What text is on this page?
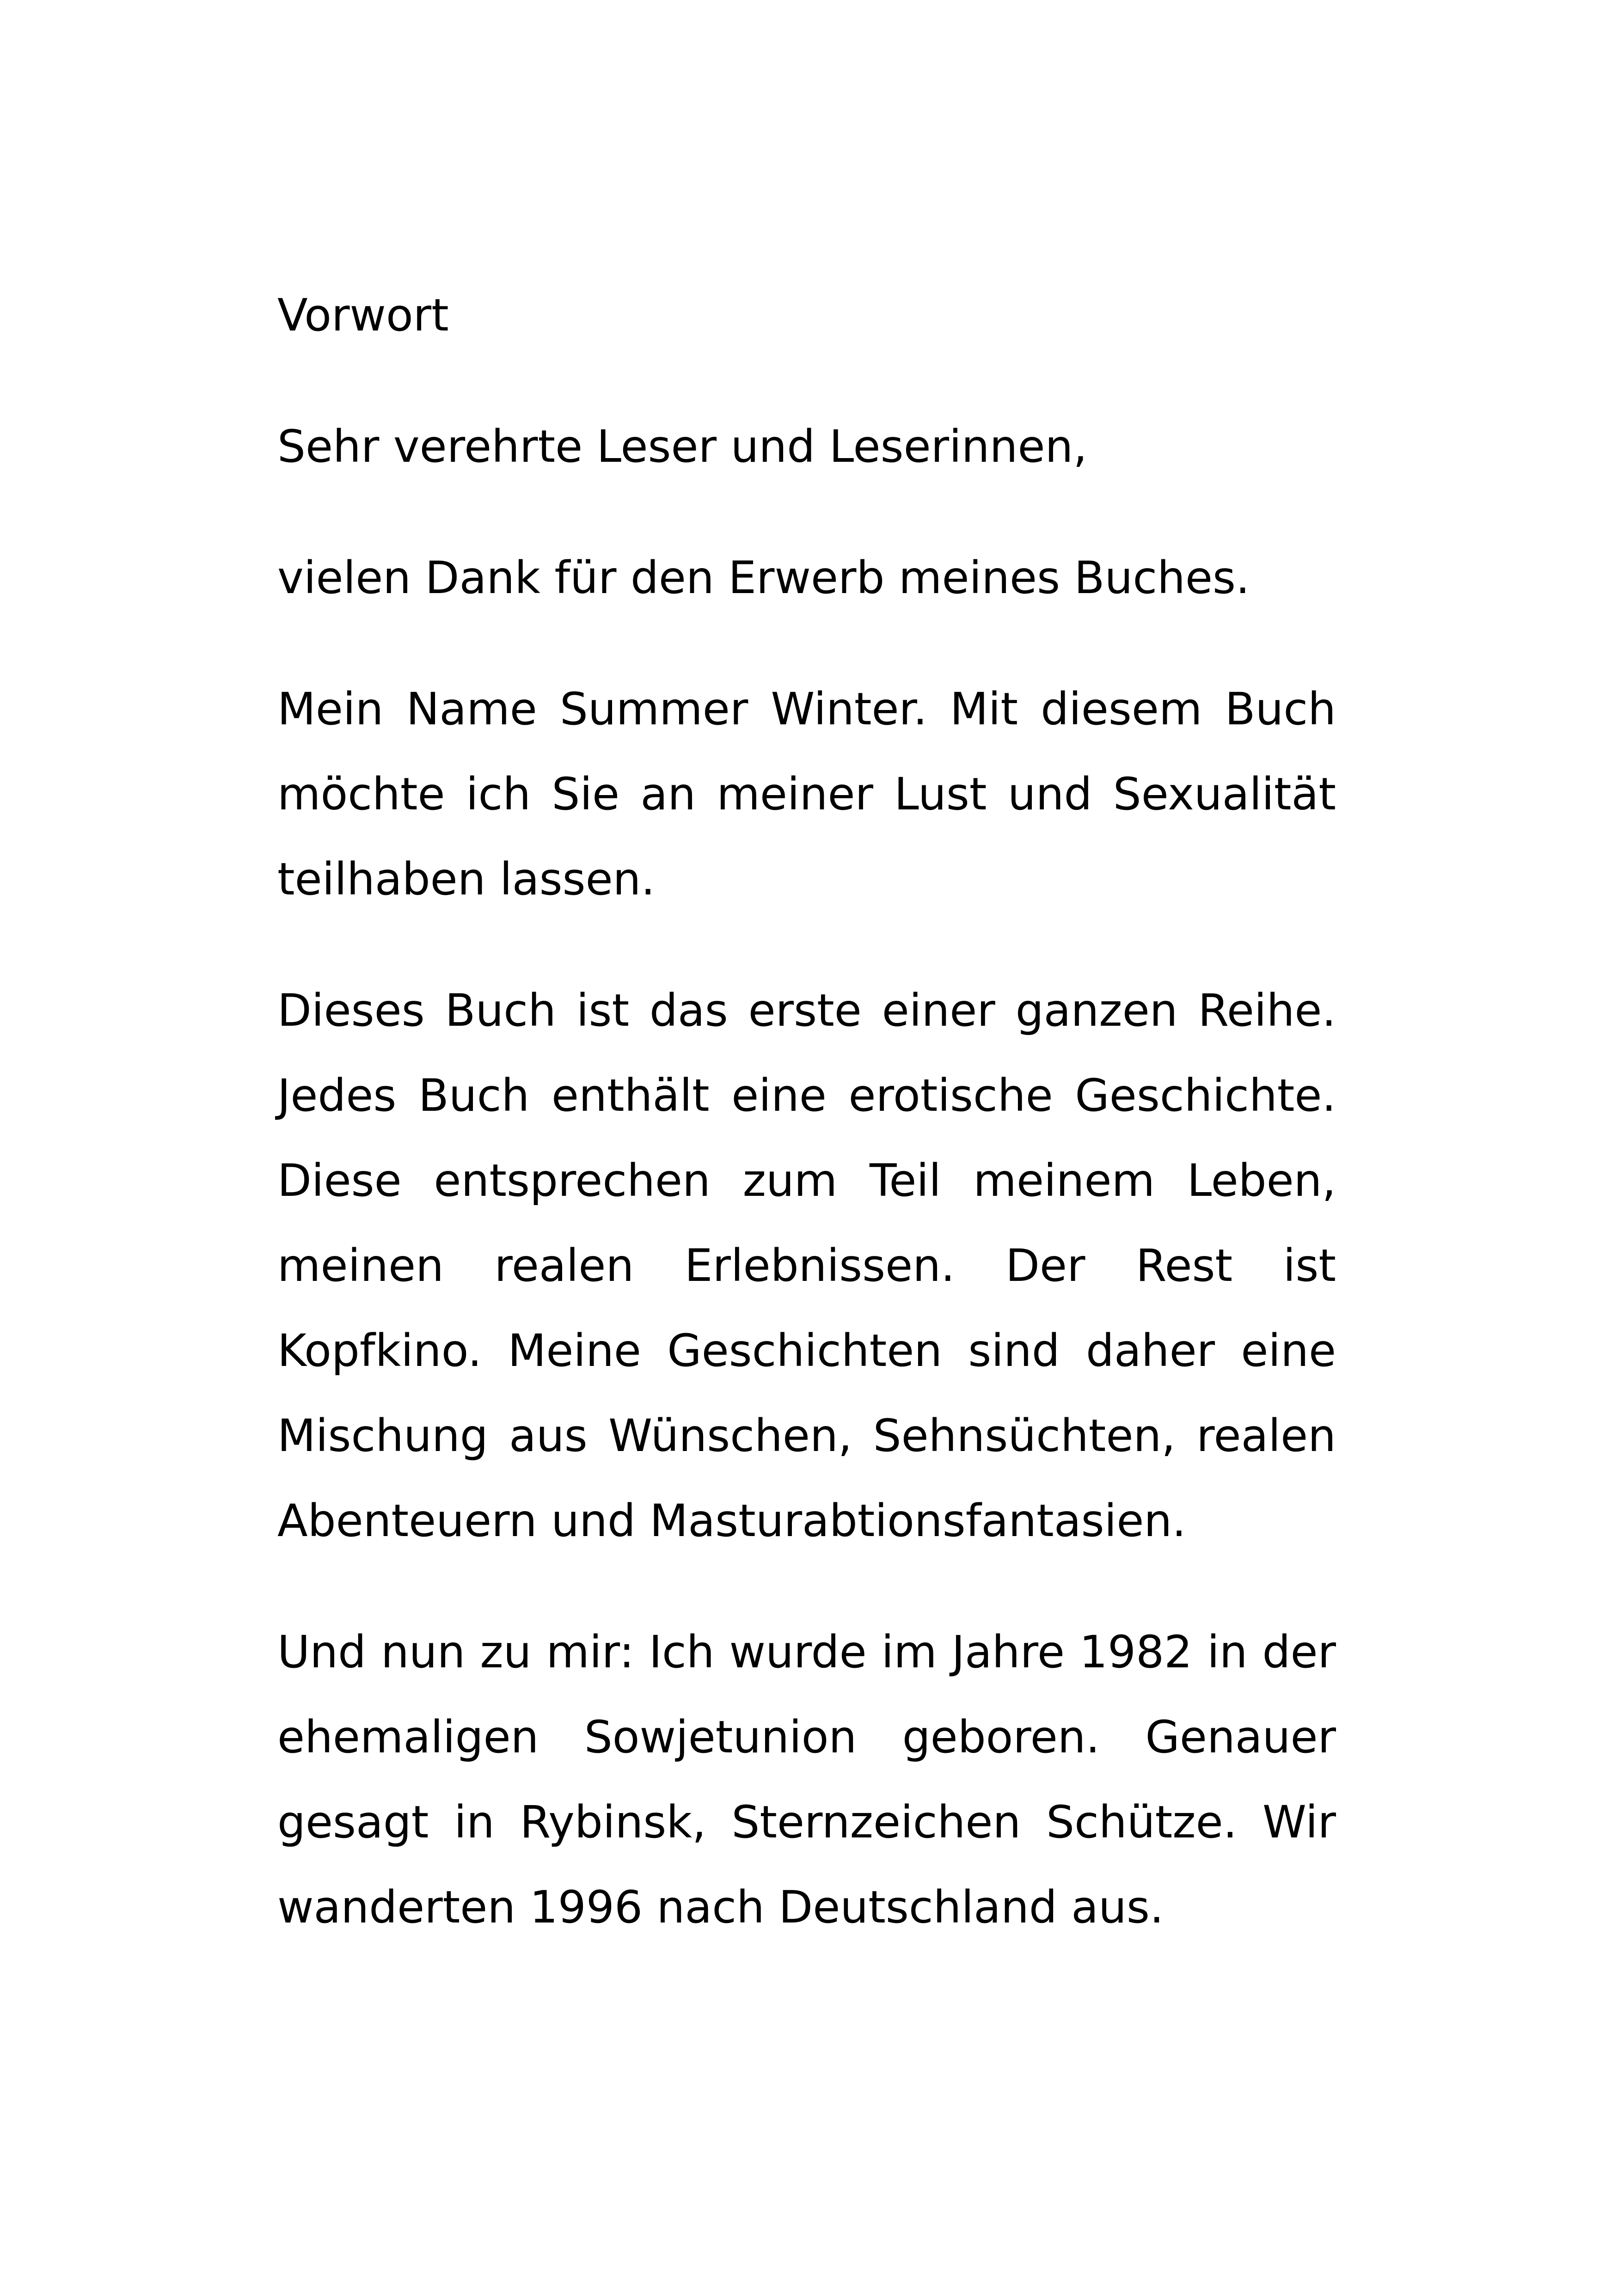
Vorwort

Sehr verehrte Leser und Leserinnen,

vielen Dank für den Erwerb meines Buches.

Mein Name Summer Winter. Mit diesem Buch möchte ich Sie an meiner Lust und Sexualität teilhaben lassen.

Dieses Buch ist das erste einer ganzen Reihe. Jedes Buch enthält eine erotische Geschichte. Diese entsprechen zum Teil meinem Leben, meinen realen Erlebnissen. Der Rest ist Kopfkino. Meine Geschichten sind daher eine Mischung aus Wünschen, Sehnsüchten, realen Abenteuern und Masturabtionsfantasien.

Und nun zu mir: Ich wurde im Jahre 1982 in der ehemaligen Sowjetunion geboren. Genauer gesagt in Rybinsk, Sternzeichen Schütze. Wir wanderten 1996 nach Deutschland aus.
